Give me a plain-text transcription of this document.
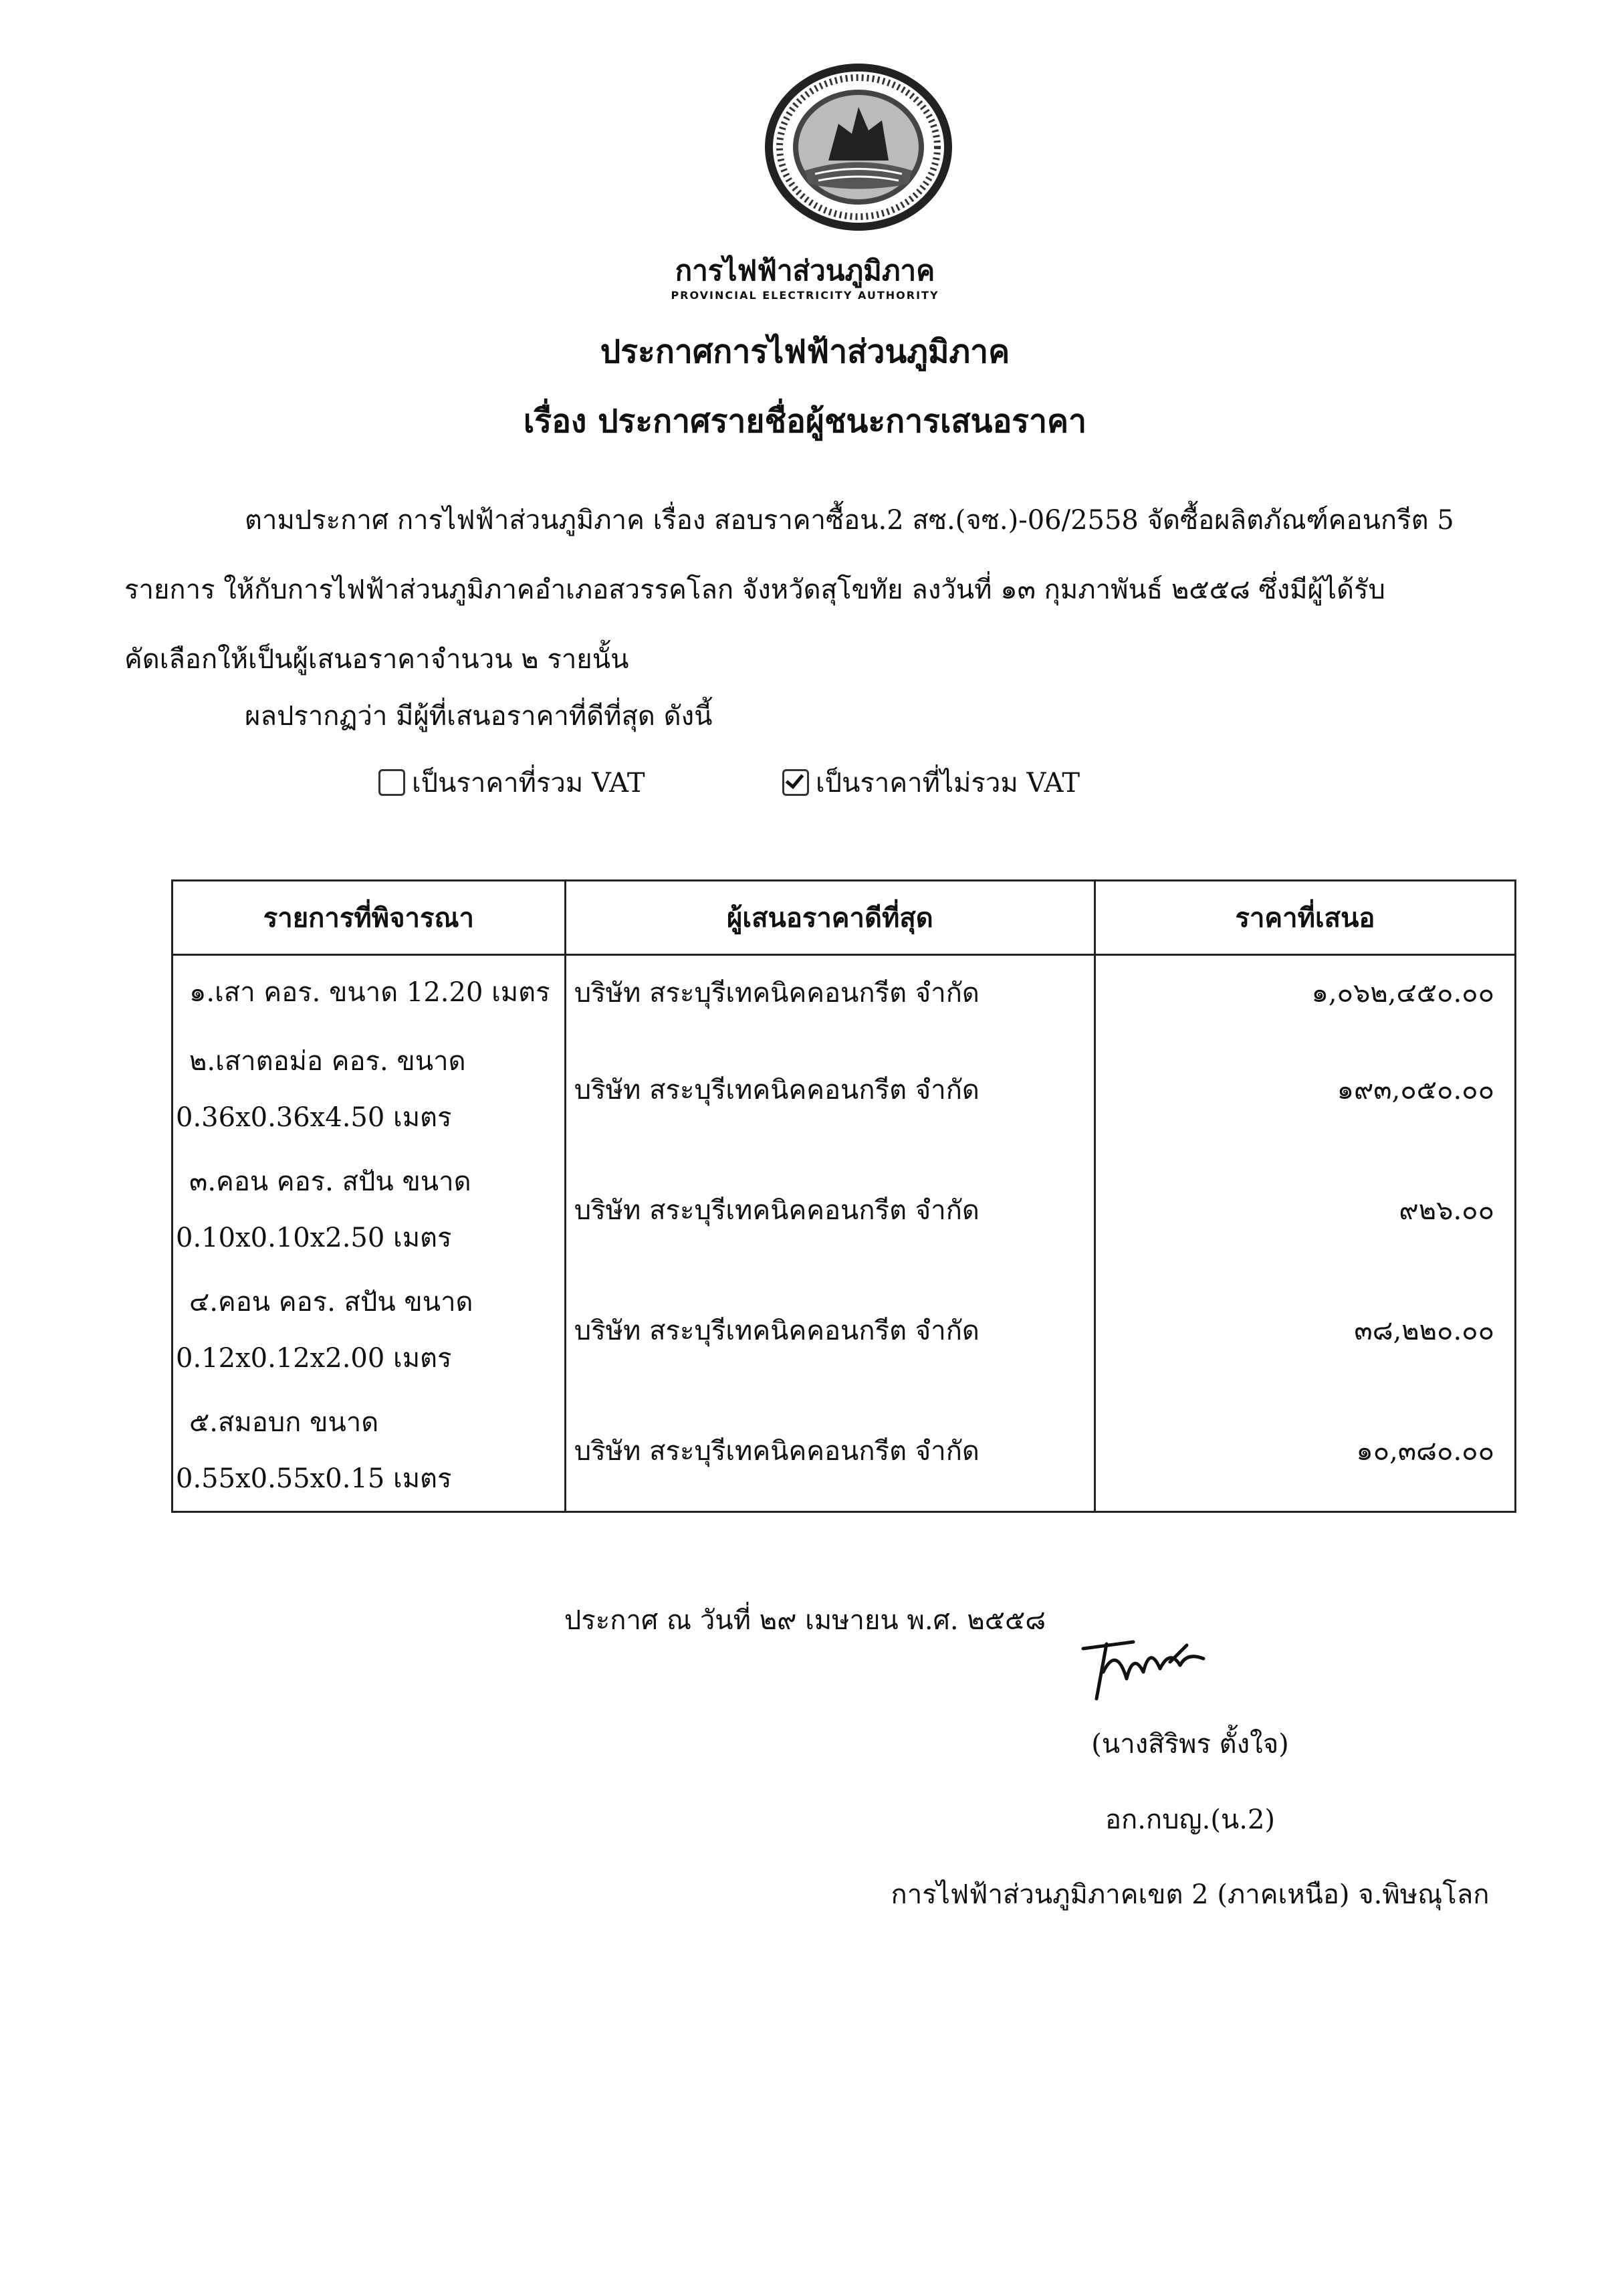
การไฟฟ้าส่วนภูมิภาค
PROVINCIAL ELECTRICITY AUTHORITY
ประกาศการไฟฟ้าส่วนภูมิภาค
เรื่อง ประกาศรายชื่อผู้ชนะการเสนอราคา
ตามประกาศ การไฟฟ้าส่วนภูมิภาค เรื่อง สอบราคาซื้อน.2 สซ.(จซ.)-06/2558 จัดซื้อผลิตภัณฑ์คอนกรีต 5
รายการ ให้กับการไฟฟ้าส่วนภูมิภาคอำเภอสวรรคโลก จังหวัดสุโขทัย ลงวันที่ ๑๓ กุมภาพันธ์ ๒๕๕๘ ซึ่งมีผู้ได้รับ
คัดเลือกให้เป็นผู้เสนอราคาจำนวน ๒ รายนั้น
ผลปรากฏว่า มีผู้ที่เสนอราคาที่ดีที่สุด ดังนี้
เป็นราคาที่รวม VAT	เป็นราคาที่ไม่รวม VAT
รายการที่พิจารณา	ผู้เสนอราคาดีที่สุด	ราคาที่เสนอ

๑.เสา คอร. ขนาด 12.20 เมตร	บริษัท สระบุรีเทคนิคคอนกรีต จำกัด	๑,๐๖๒,๔๕๐.๐๐

๒.เสาตอม่อ คอร. ขนาด
0.36x0.36x4.50 เมตร	บริษัท สระบุรีเทคนิคคอนกรีต จำกัด	๑๙๓,๐๕๐.๐๐

๓.คอน คอร. สปัน ขนาด
0.10x0.10x2.50 เมตร	บริษัท สระบุรีเทคนิคคอนกรีต จำกัด	๙๒๖.๐๐

๔.คอน คอร. สปัน ขนาด
0.12x0.12x2.00 เมตร	บริษัท สระบุรีเทคนิคคอนกรีต จำกัด	๓๘,๒๒๐.๐๐

๕.สมอบก ขนาด
0.55x0.55x0.15 เมตร	บริษัท สระบุรีเทคนิคคอนกรีต จำกัด	๑๐,๓๘๐.๐๐
ประกาศ ณ วันที่ ๒๙ เมษายน พ.ศ. ๒๕๕๘
(นางสิริพร ตั้งใจ)
อก.กบญ.(น.2)
การไฟฟ้าส่วนภูมิภาคเขต 2 (ภาคเหนือ) จ.พิษณุโลก
